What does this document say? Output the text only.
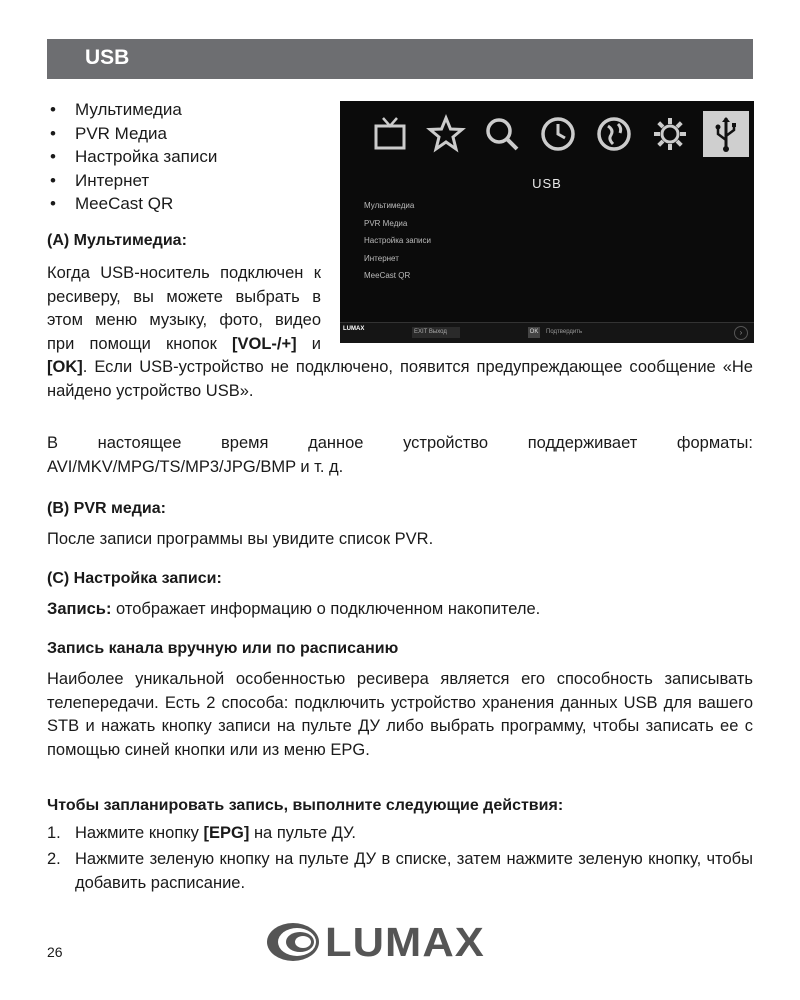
USB
• Мультимедиа
• PVR Медиа
• Настройка записи
• Интернет
• MeeCast QR
USB
Мультимедиа
PVR Медиа
Настройка записи
Интернет
MeeCast QR
LUMAX	EXIT Выход	OK Подтвердить	›
(A) Мультимедиа:
Когда USB-носитель подключен к ресиверу, вы можете выбрать в этом меню музыку, фото, видео при помощи кнопок [VOL-/+] и [OK]. Если USB-устройство не подключено, появится предупреждающее сообщение «Не найдено устройство USB».
В настоящее время данное устройство поддерживает форматы: AVI/MKV/MPG/TS/MP3/JPG/BMP и т. д.
(B) PVR медиа:
После записи программы вы увидите список PVR.
(C) Настройка записи:
Запись: отображает информацию о подключенном накопителе.
Запись канала вручную или по расписанию
Наиболее уникальной особенностью ресивера является его способность записывать телепередачи. Есть 2 способа: подключить устройство хранения данных USB для вашего STB и нажать кнопку записи на пульте ДУ либо выбрать программу, чтобы записать ее с помощью синей кнопки или из меню EPG.
Чтобы запланировать запись, выполните следующие действия:
1. Нажмите кнопку [EPG] на пульте ДУ.
2. Нажмите зеленую кнопку на пульте ДУ в списке, затем нажмите зеленую кнопку, чтобы добавить расписание.
26	LUMAX
